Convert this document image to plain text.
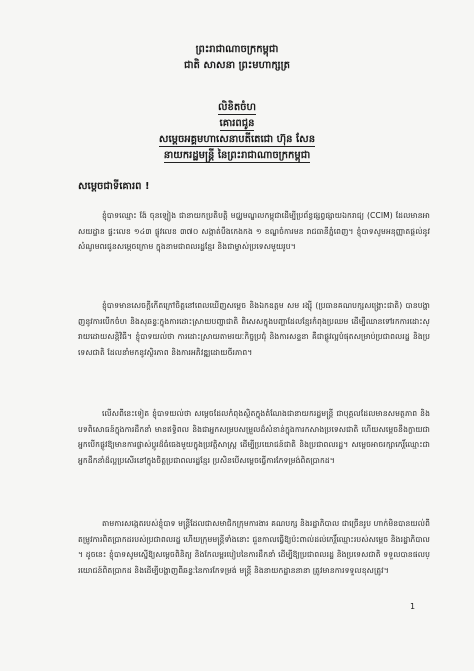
ព្រះរាជាណាចក្រកម្ពុជា
ជាតិ សាសនា ព្រះមហាក្សត្រ
លិខិតចំហ
គោរពជូន
សម្តេចអគ្គមហាសេនាបតីតេជោ ហ៊ុន សែន
នាយករដ្ឋមន្ត្រី នៃព្រះរាជាណាចក្រកម្ពុជា
សម្តេចជាទីគោរព !
ខ្ញុំបាទឈ្មោះ ង៉ែ ចុនឡៀង ជានាយកប្រតិបត្តិ មជ្ឈមណ្ឌលកម្ពុជាដើម្បីប្រព័ន្ធផ្សព្វផ្សាយឯករាជ្យ (CCIM) ដែលមានអាសយដ្ឋាន ផ្ទះលេខ ១៤៣ ផ្លូវលេខ ៣៧០ សង្កាត់បឹងកេងកង ១ ខណ្ឌចំការមន រាជធានីភ្នំពេញ។ ខ្ញុំបាទសូមអនុញ្ញាតផ្តល់នូវសំណូមពរជូនសម្តេចក្រោម ក្នុងនាមជាពលរដ្ឋខ្មែរ និងជាម្ចាស់ប្រទេសមួយរូប។
ខ្ញុំបាទមានសេចក្តីកើតក្រៅចិត្តនៅពេលឃើញសម្តេច និងឯកឧត្តម សម រង្ស៊ី (ប្រធានគណបក្សសង្គ្រោះជាតិ) បានបង្ហាញនូវការបើកចំហ និងសុឆន្ទៈក្នុងការដោះស្រាយបញ្ហាជាតិ ពិសេសក្នុងបញ្ហាដែលខ្មែរកំពុងប្រឈម ដើម្បីឈានទៅរកការដោះស្រាយដោយសន្តិវិធី។ ខ្ញុំបាទយល់ថា ការដោះស្រាយតាមរយៈកិច្ចប្រជុំ និងការសន្ទនា គឺជាផ្លូវល្អបំផុតសម្រាប់ប្រជាពលរដ្ឋ និងប្រទេសជាតិ ដែលនាំមកនូវស្ថិរភាព និងការអភិវឌ្ឍដោយចីរភាព។
លើសពីនេះទៀត ខ្ញុំបាទយល់ថា សម្តេចដែលកំពុងស្ថិតក្នុងតំណែងជានាយករដ្ឋមន្ត្រី ជាបុគ្គលដែលមានសមត្ថភាព និងបទពិសោធន៍ក្នុងការដឹកនាំ មានឥទ្ធិពល និងជាអ្នកសម្របសម្រួលដ៏សំខាន់ក្នុងការកសាងប្រទេសជាតិ ហើយសម្តេចនឹងក្លាយជាអ្នកបើកផ្លូវឱ្យមានការផ្លាស់ប្តូរដ៏ធំធេងមួយក្នុងប្រវត្តិសាស្ត្រ ដើម្បីប្រយោជន៍ជាតិ និងប្រជាពលរដ្ឋ។ សម្តេចអាចរក្សាកេរ្តិ៍ឈ្មោះជាអ្នកដឹកនាំដ៏ល្អប្រសើរនៅក្នុងចិត្តប្រជាពលរដ្ឋខ្មែរ ប្រសិនបើសម្តេចធ្វើការកែទម្រង់ពិតប្រាកដ។
តាមការសង្កេតរបស់ខ្ញុំបាទ មន្ត្រីដែលជាសមាជិកក្រុមការងារ គណបក្ស និងរដ្ឋាភិបាល ជាច្រើនរូប ហាក់មិនបានយល់ពីតម្រូវការពិតប្រាកដរបស់ប្រជាពលរដ្ឋ ហើយក្រុមមន្ត្រីទាំងនោះ ជួនកាលធ្វើឱ្យប៉ះពាល់ដល់កេរ្តិ៍ឈ្មោះរបស់សម្តេច និងរដ្ឋាភិបាល។ ដូចនេះ ខ្ញុំបាទសូមស្នើឱ្យសម្តេចពិនិត្យ និងកែលម្អរបៀបនៃការដឹកនាំ ដើម្បីឱ្យប្រជាពលរដ្ឋ និងប្រទេសជាតិ ទទួលបានផលប្រយោជន៍ពិតប្រាកដ និងដើម្បីបង្ហាញពីឆន្ទៈនៃការកែទម្រង់ មន្ត្រី និងនាយកដ្ឋាននានា ត្រូវមានការទទួលខុសត្រូវ។
1
